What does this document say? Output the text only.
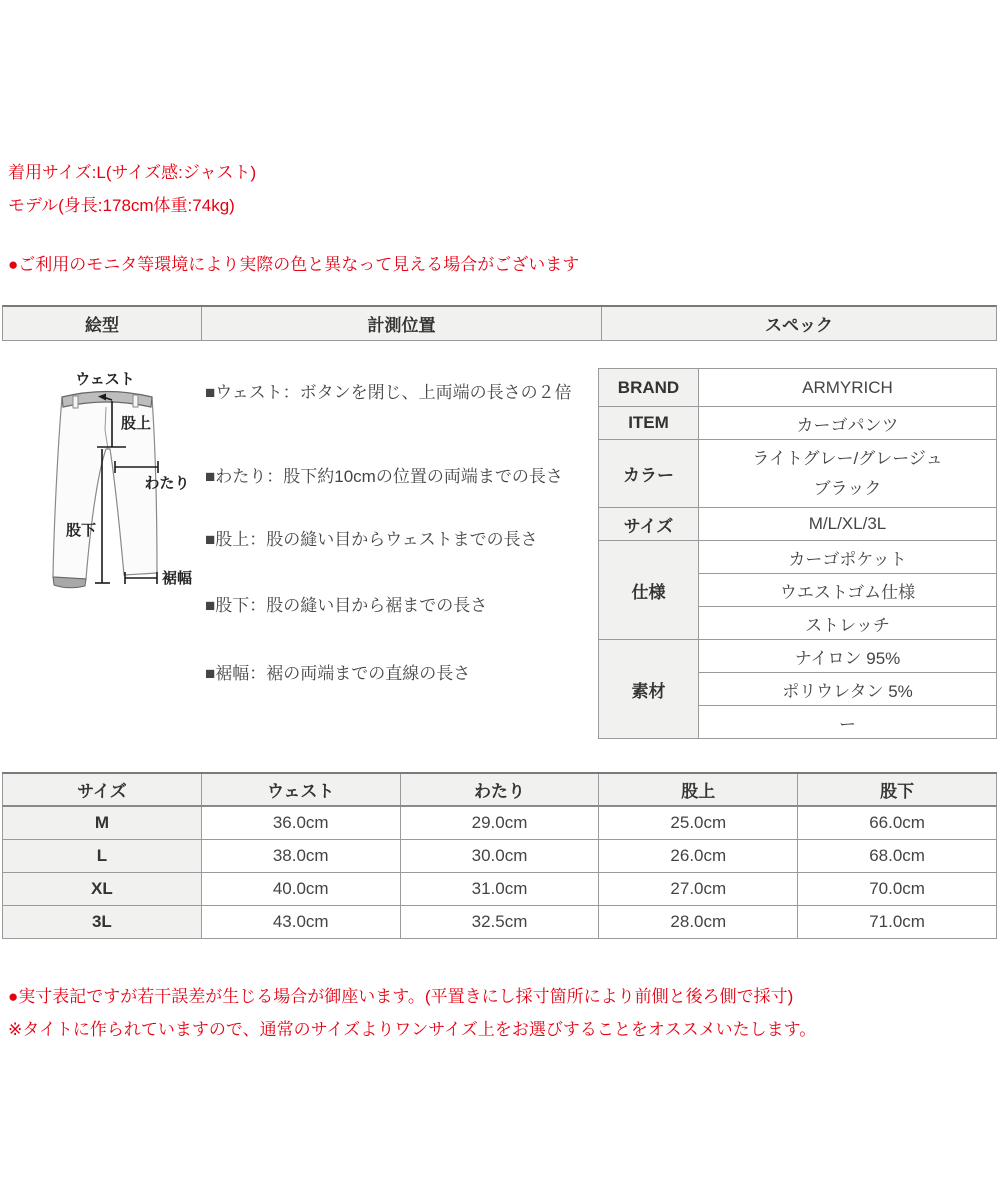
着用サイズ:L(サイズ感:ジャスト)
モデル(身長:178cm体重:74kg)
●ご利用のモニタ等環境により実際の色と異なって見える場合がございます
絵型	計測位置	スペック
ウェスト
股上
わたり
股下
裾幅
■ウェスト：ボタンを閉じ、上両端の長さの２倍
■わたり：股下約10cmの位置の両端までの長さ
■股上：股の縫い目からウェストまでの長さ
■股下：股の縫い目から裾までの長さ
■裾幅：裾の両端までの直線の長さ
BRAND	ARMYRICH
ITEM	カーゴパンツ
カラー	ライトグレー/グレージュ
ブラック

サイズ	M/L/XL/3L
仕様	カーゴポケット
	ウエストゴム仕様
	ストレッチ
素材	ナイロン 95%
	ポリウレタン 5%
	ー
サイズ	ウェスト	わたり	股上	股下
M	36.0cm	29.0cm	25.0cm	66.0cm
L	38.0cm	30.0cm	26.0cm	68.0cm
XL	40.0cm	31.0cm	27.0cm	70.0cm
3L	43.0cm	32.5cm	28.0cm	71.0cm
●実寸表記ですが若干誤差が生じる場合が御座います。(平置きにし採寸箇所により前側と後ろ側で採寸)
※タイトに作られていますので、通常のサイズよりワンサイズ上をお選びすることをオススメいたします。
